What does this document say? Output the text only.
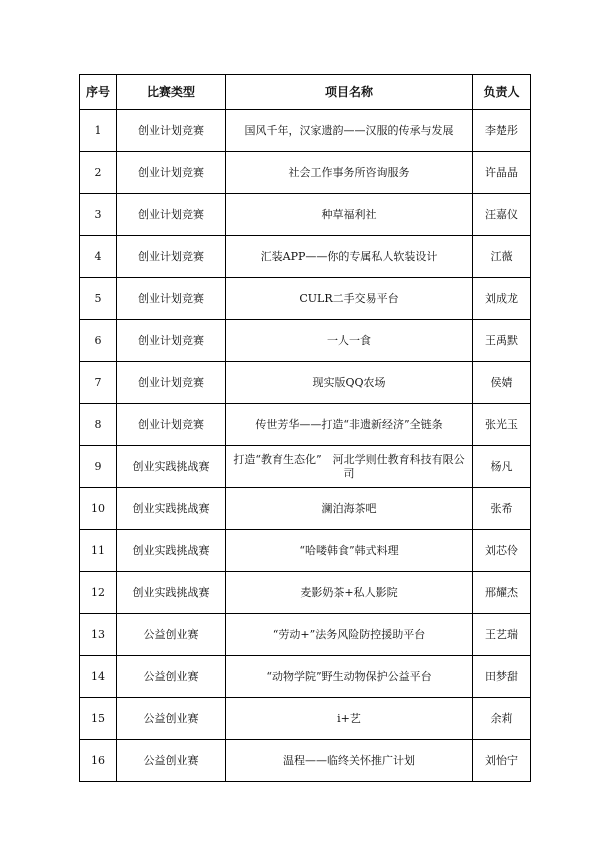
序号	比赛类型	项目名称	负责人
1	创业计划竞赛	国风千年，汉家遗韵——汉服的传承与发展	李楚彤
2	创业计划竞赛	社会工作事务所咨询服务	许晶晶
3	创业计划竞赛	种草福利社	汪嘉仪
4	创业计划竞赛	汇装APP——你的专属私人软装设计	江薇
5	创业计划竞赛	CULR二手交易平台	刘成龙
6	创业计划竞赛	一人一食	王禹默
7	创业计划竞赛	现实版QQ农场	侯婧
8	创业计划竞赛	传世芳华——打造“非遗新经济”全链条	张光玉
9	创业实践挑战赛	打造“教育生态化”　河北学则仕教育科技有限公司	杨凡
10	创业实践挑战赛	澜泊海茶吧	张希
11	创业实践挑战赛	“哈喽韩食”韩式料理	刘芯伶
12	创业实践挑战赛	麦影奶茶+私人影院	邢耀杰
13	公益创业赛	“劳动+”法务风险防控援助平台	王艺瑞
14	公益创业赛	“动物学院”野生动物保护公益平台	田梦甜
15	公益创业赛	i+艺	余莉
16	公益创业赛	温程——临终关怀推广计划	刘怡宁
